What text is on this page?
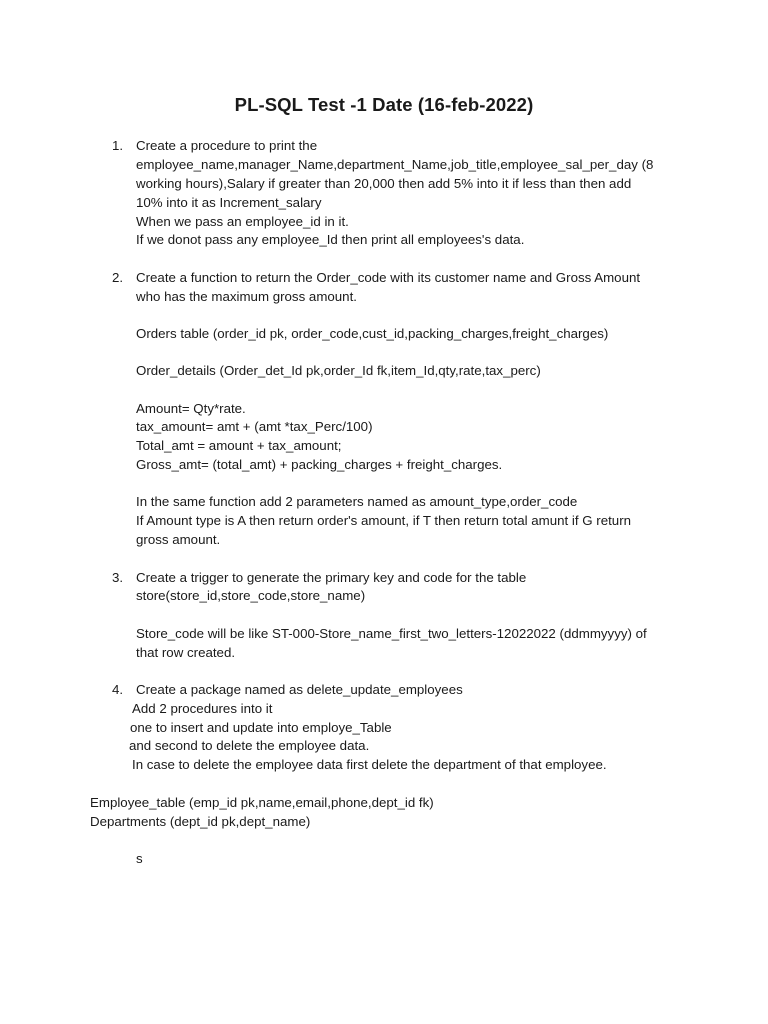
PL-SQL Test -1 Date (16-feb-2022)
1. Create a procedure to print the
employee_name,manager_Name,department_Name,job_title,employee_sal_per_day (8
working hours),Salary if greater than 20,000 then add 5% into it if less than then add
10% into it as Increment_salary
When we pass an employee_id in it.
If we donot pass any employee_Id then print all employees's data.
2. Create a function to return the Order_code with its customer name and Gross Amount
who has the maximum gross amount.
Orders table (order_id pk, order_code,cust_id,packing_charges,freight_charges)
Order_details (Order_det_Id pk,order_Id fk,item_Id,qty,rate,tax_perc)
Amount= Qty*rate.
tax_amount= amt + (amt *tax_Perc/100)
Total_amt = amount + tax_amount;
Gross_amt= (total_amt) + packing_charges + freight_charges.
In the same function add 2 parameters named as amount_type,order_code
If Amount type is A then return order's amount, if T then return total amunt if G return
gross amount.
3. Create a trigger to generate the primary key and code for the table
store(store_id,store_code,store_name)
Store_code will be like ST-000-Store_name_first_two_letters-12022022 (ddmmyyyy) of
that row created.
4. Create a package named as delete_update_employees
Add 2 procedures into it
one to insert and update into employe_Table
and second to delete the employee data.
In case to delete the employee data first delete the department of that employee.
Employee_table (emp_id pk,name,email,phone,dept_id fk)
Departments (dept_id pk,dept_name)
s
